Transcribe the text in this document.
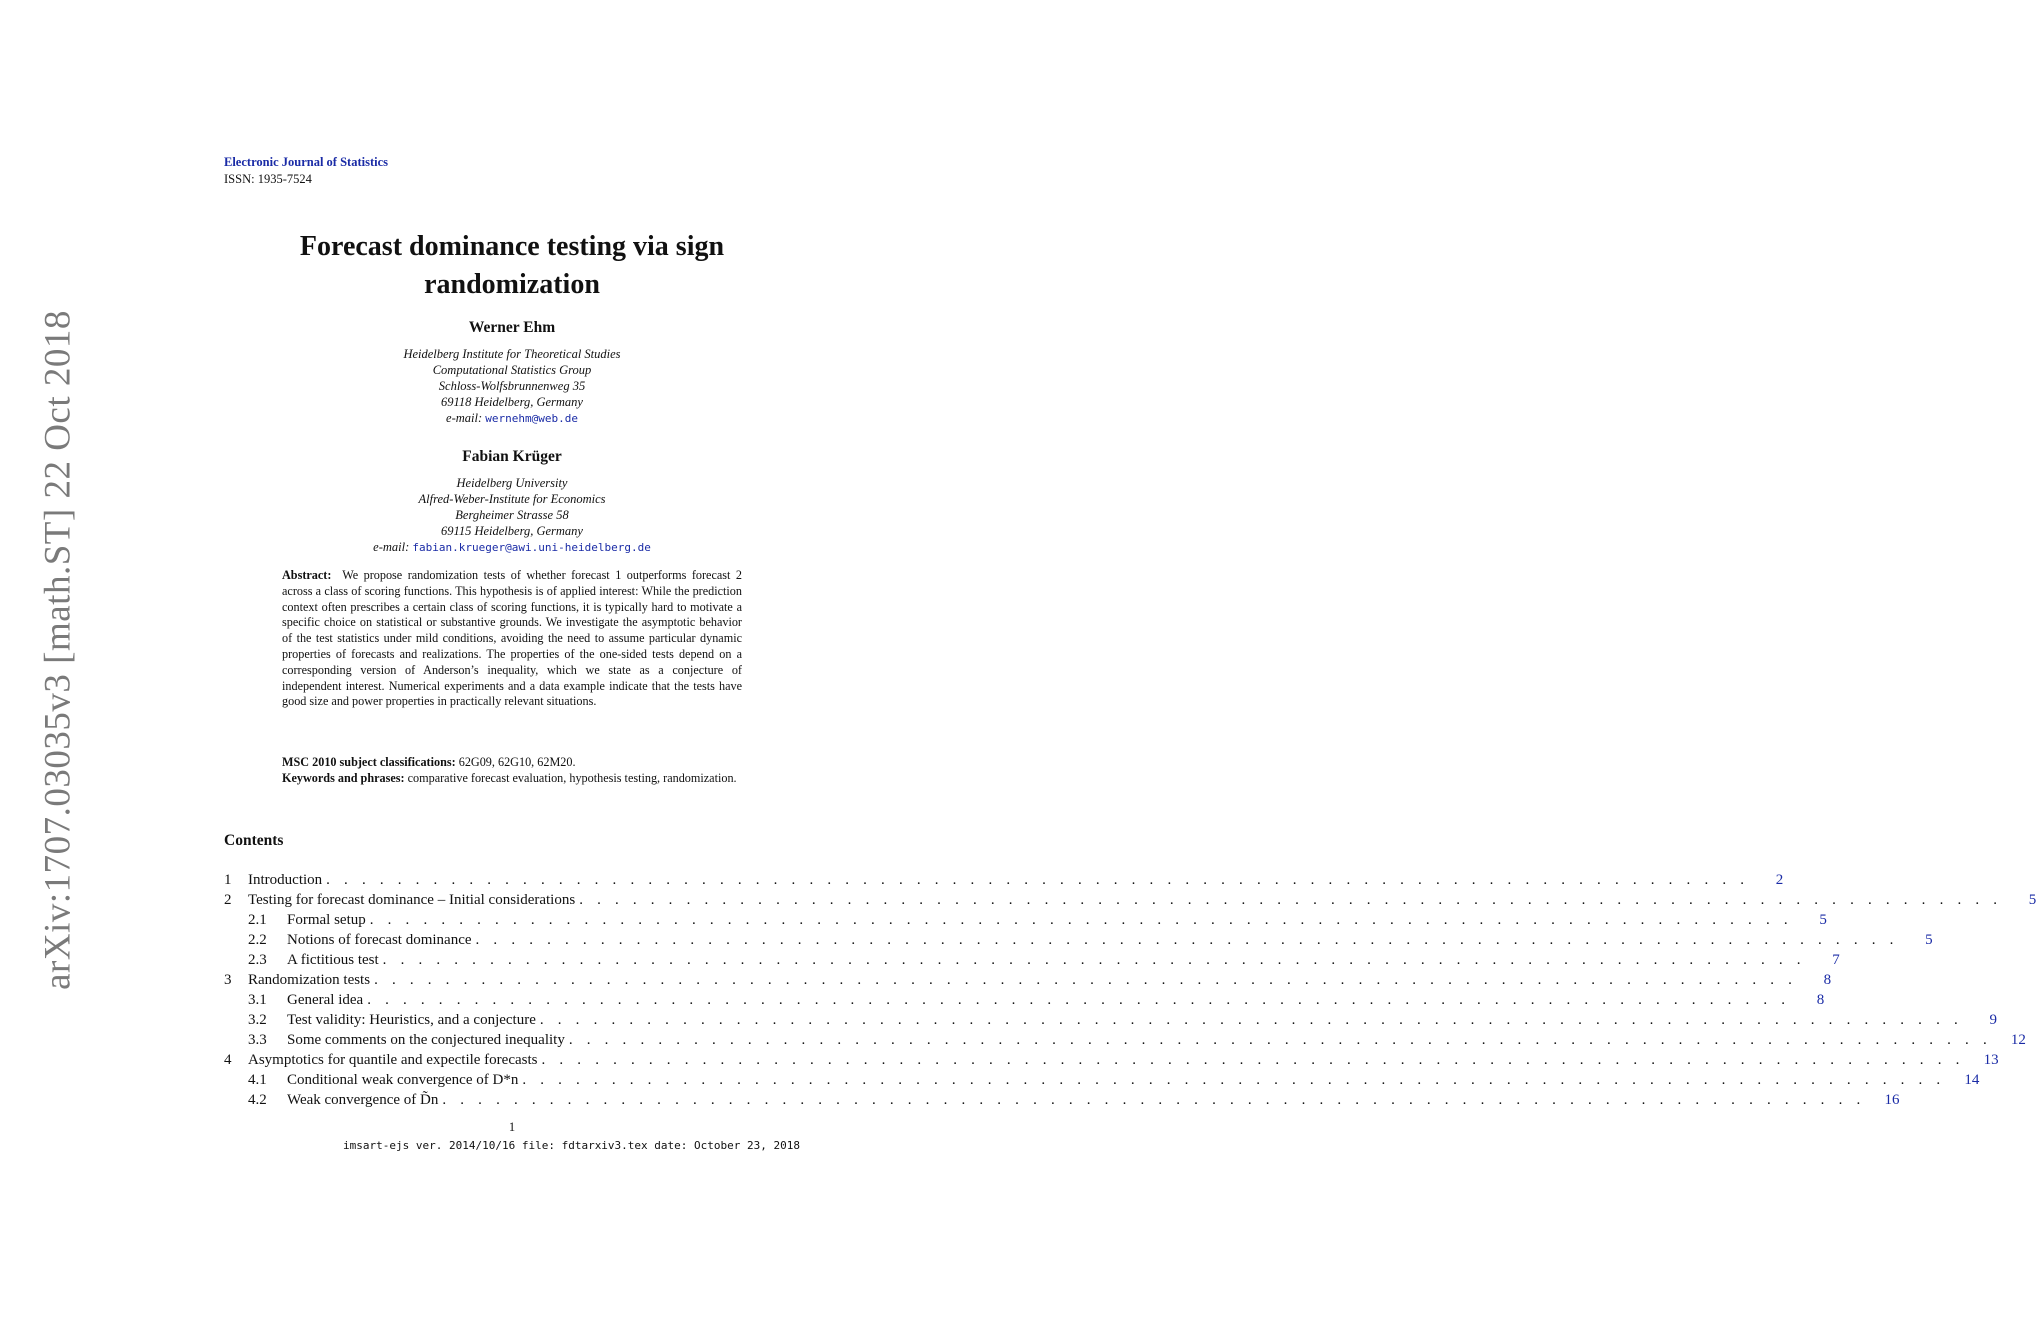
arXiv:1707.03035v3 [math.ST] 22 Oct 2018
Electronic Journal of Statistics
ISSN: 1935-7524
Forecast dominance testing via sign randomization
Werner Ehm
Heidelberg Institute for Theoretical Studies
Computational Statistics Group
Schloss-Wolfsbrunnenweg 35
69118 Heidelberg, Germany
e-mail: wernehm@web.de
Fabian Krüger
Heidelberg University
Alfred-Weber-Institute for Economics
Bergheimer Strasse 58
69115 Heidelberg, Germany
e-mail: fabian.krueger@awi.uni-heidelberg.de
Abstract: We propose randomization tests of whether forecast 1 outperforms forecast 2 across a class of scoring functions. This hypothesis is of applied interest: While the prediction context often prescribes a certain class of scoring functions, it is typically hard to motivate a specific choice on statistical or substantive grounds. We investigate the asymptotic behavior of the test statistics under mild conditions, avoiding the need to assume particular dynamic properties of forecasts and realizations. The properties of the one-sided tests depend on a corresponding version of Anderson’s inequality, which we state as a conjecture of independent interest. Numerical experiments and a data example indicate that the tests have good size and power properties in practically relevant situations.
MSC 2010 subject classifications: 62G09, 62G10, 62M20.
Keywords and phrases: comparative forecast evaluation, hypothesis testing, randomization.
Contents
1	Introduction . . . . . . . . . . . . . . . . . . . . . . . . . . . . . . . . . . . . . . . . . . . . . . . . . . . . . . . . . . . . . . . . . . . . . . . . . . . . . . . .	2
2	Testing for forecast dominance – Initial considerations . . . . . . . . . . . . . . . . . . . . . . . . . . . . . . . . . . . . . . . . . . . . . . . . . . . . . . . . . . . . . . . . . . . . . . . . . . . . . . . .	5
2.1	Formal setup . . . . . . . . . . . . . . . . . . . . . . . . . . . . . . . . . . . . . . . . . . . . . . . . . . . . . . . . . . . . . . . . . . . . . . . . . . . . . . . .	5
2.2	Notions of forecast dominance . . . . . . . . . . . . . . . . . . . . . . . . . . . . . . . . . . . . . . . . . . . . . . . . . . . . . . . . . . . . . . . . . . . . . . . . . . . . . . . .	5
2.3	A fictitious test . . . . . . . . . . . . . . . . . . . . . . . . . . . . . . . . . . . . . . . . . . . . . . . . . . . . . . . . . . . . . . . . . . . . . . . . . . . . . . . .	7
3	Randomization tests . . . . . . . . . . . . . . . . . . . . . . . . . . . . . . . . . . . . . . . . . . . . . . . . . . . . . . . . . . . . . . . . . . . . . . . . . . . . . . . .	8
3.1	General idea . . . . . . . . . . . . . . . . . . . . . . . . . . . . . . . . . . . . . . . . . . . . . . . . . . . . . . . . . . . . . . . . . . . . . . . . . . . . . . . .	8
3.2	Test validity: Heuristics, and a conjecture . . . . . . . . . . . . . . . . . . . . . . . . . . . . . . . . . . . . . . . . . . . . . . . . . . . . . . . . . . . . . . . . . . . . . . . . . . . . . . . .	9
3.3	Some comments on the conjectured inequality . . . . . . . . . . . . . . . . . . . . . . . . . . . . . . . . . . . . . . . . . . . . . . . . . . . . . . . . . . . . . . . . . . . . . . . . . . . . . . . .	12
4	Asymptotics for quantile and expectile forecasts . . . . . . . . . . . . . . . . . . . . . . . . . . . . . . . . . . . . . . . . . . . . . . . . . . . . . . . . . . . . . . . . . . . . . . . . . . . . . . . .	13
4.1	Conditional weak convergence of D*n . . . . . . . . . . . . . . . . . . . . . . . . . . . . . . . . . . . . . . . . . . . . . . . . . . . . . . . . . . . . . . . . . . . . . . . . . . . . . . . .	14
4.2	Weak convergence of D̃n . . . . . . . . . . . . . . . . . . . . . . . . . . . . . . . . . . . . . . . . . . . . . . . . . . . . . . . . . . . . . . . . . . . . . . . . . . . . . . . .	16
1
imsart-ejs ver. 2014/10/16 file: fdtarxiv3.tex date: October 23, 2018
